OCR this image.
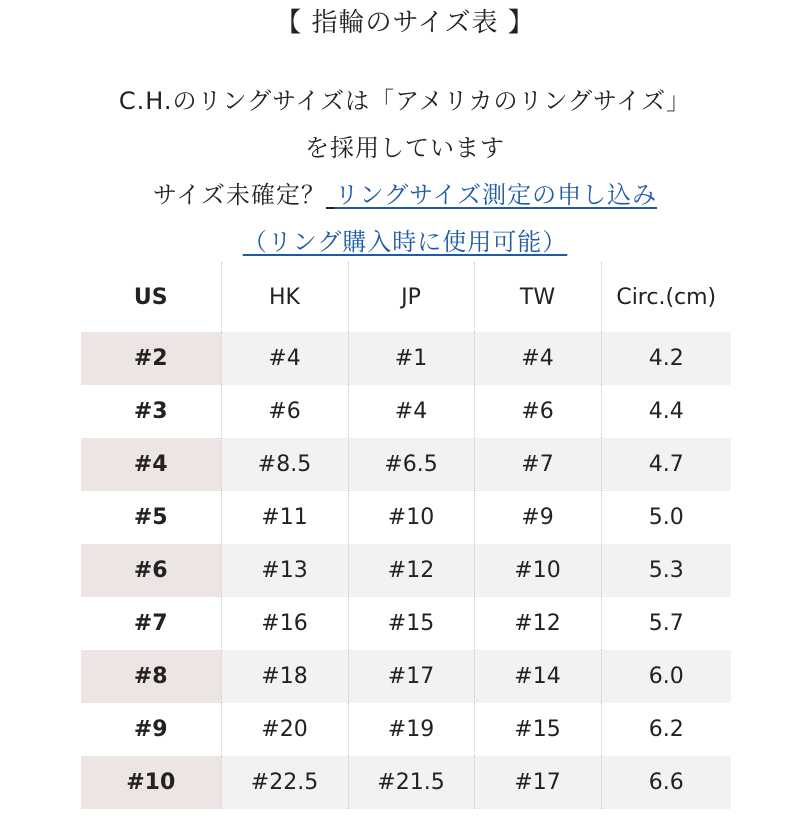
【 指輪のサイズ表 】
C.H.のリングサイズは「アメリカのリングサイズ」
を採用しています
サイズ未確定？ リングサイズ測定の申し込み
（リング購入時に使用可能）
US	HK	JP	TW	Circ.(cm)
#2	#4	#1	#4	4.2
#3	#6	#4	#6	4.4
#4	#8.5	#6.5	#7	4.7
#5	#11	#10	#9	5.0
#6	#13	#12	#10	5.3
#7	#16	#15	#12	5.7
#8	#18	#17	#14	6.0
#9	#20	#19	#15	6.2
#10	#22.5	#21.5	#17	6.6
